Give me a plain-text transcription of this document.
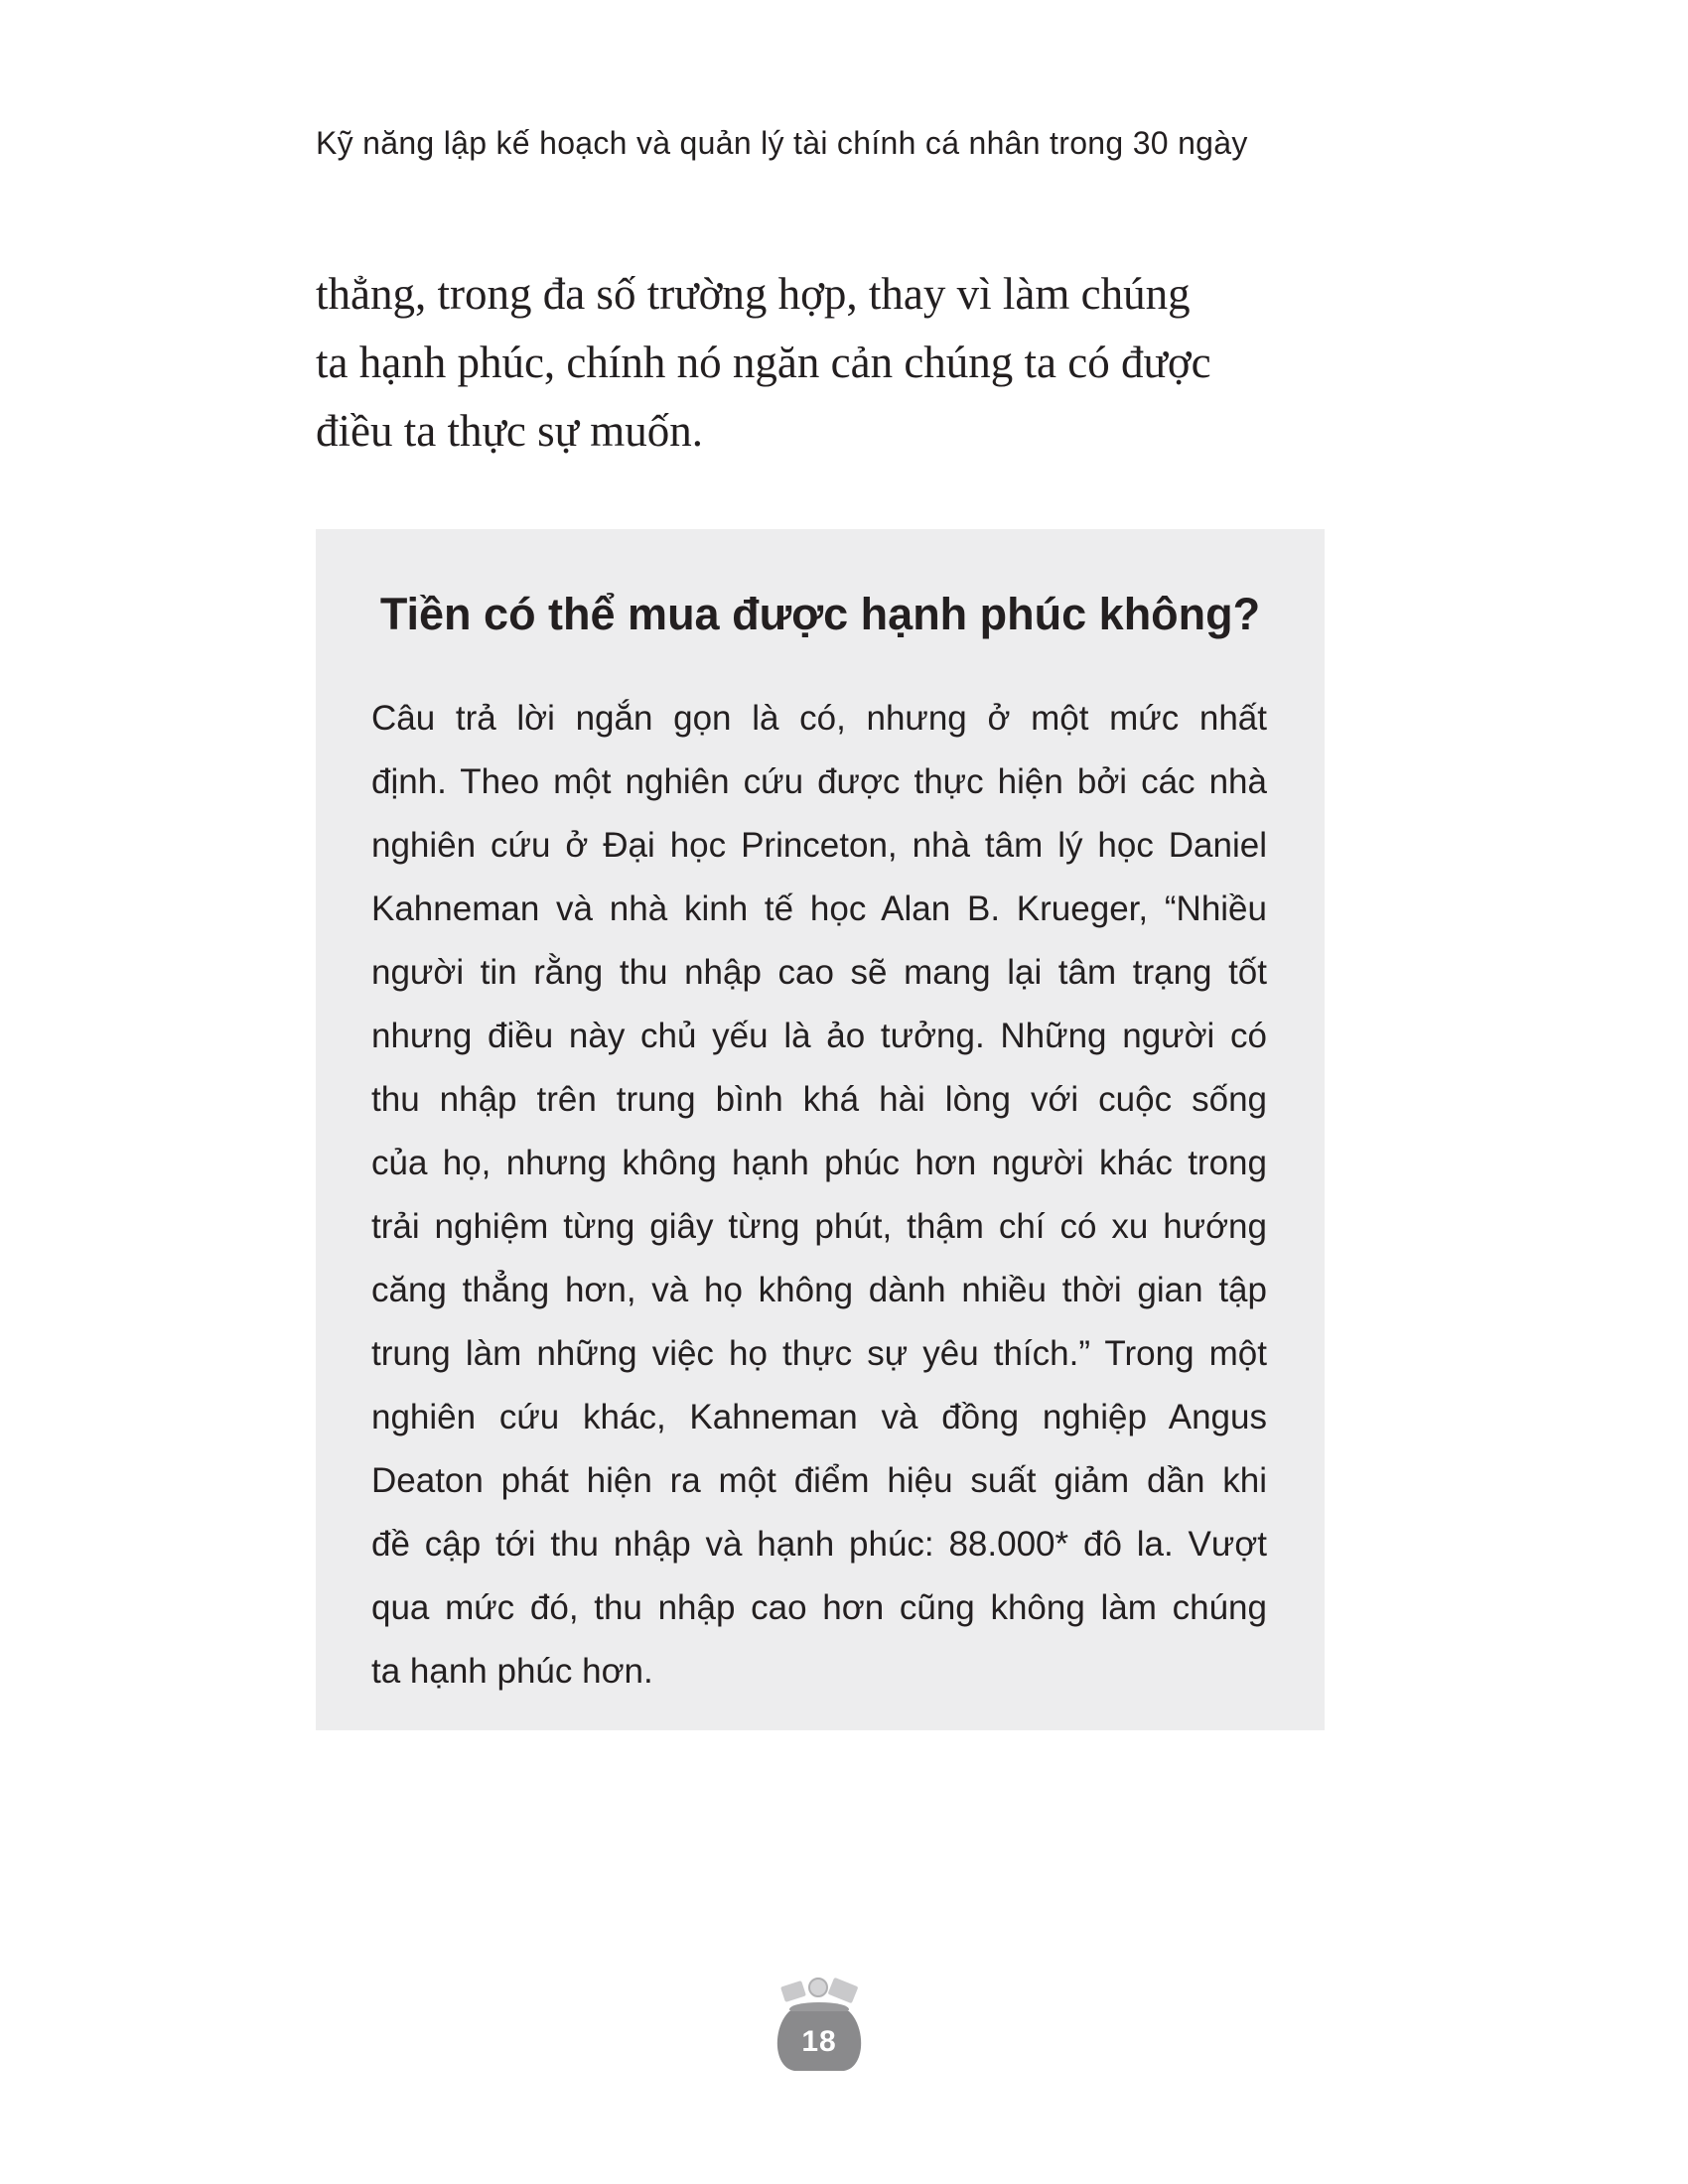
Kỹ năng lập kế hoạch và quản lý tài chính cá nhân trong 30 ngày
thẳng, trong đa số trường hợp, thay vì làm chúng
ta hạnh phúc, chính nó ngăn cản chúng ta có được
điều ta thực sự muốn.
Tiền có thể mua được hạnh phúc không?
Câu trả lời ngắn gọn là có, nhưng ở một mức nhất
định. Theo một nghiên cứu được thực hiện bởi các nhà
nghiên cứu ở Đại học Princeton, nhà tâm lý học Daniel
Kahneman và nhà kinh tế học Alan B. Krueger, “Nhiều
người tin rằng thu nhập cao sẽ mang lại tâm trạng tốt
nhưng điều này chủ yếu là ảo tưởng. Những người có
thu nhập trên trung bình khá hài lòng với cuộc sống
của họ, nhưng không hạnh phúc hơn người khác trong
trải nghiệm từng giây từng phút, thậm chí có xu hướng
căng thẳng hơn, và họ không dành nhiều thời gian tập
trung làm những việc họ thực sự yêu thích.” Trong một
nghiên cứu khác, Kahneman và đồng nghiệp Angus
Deaton phát hiện ra một điểm hiệu suất giảm dần khi
đề cập tới thu nhập và hạnh phúc: 88.000* đô la. Vượt
qua mức đó, thu nhập cao hơn cũng không làm chúng
ta hạnh phúc hơn.
18
